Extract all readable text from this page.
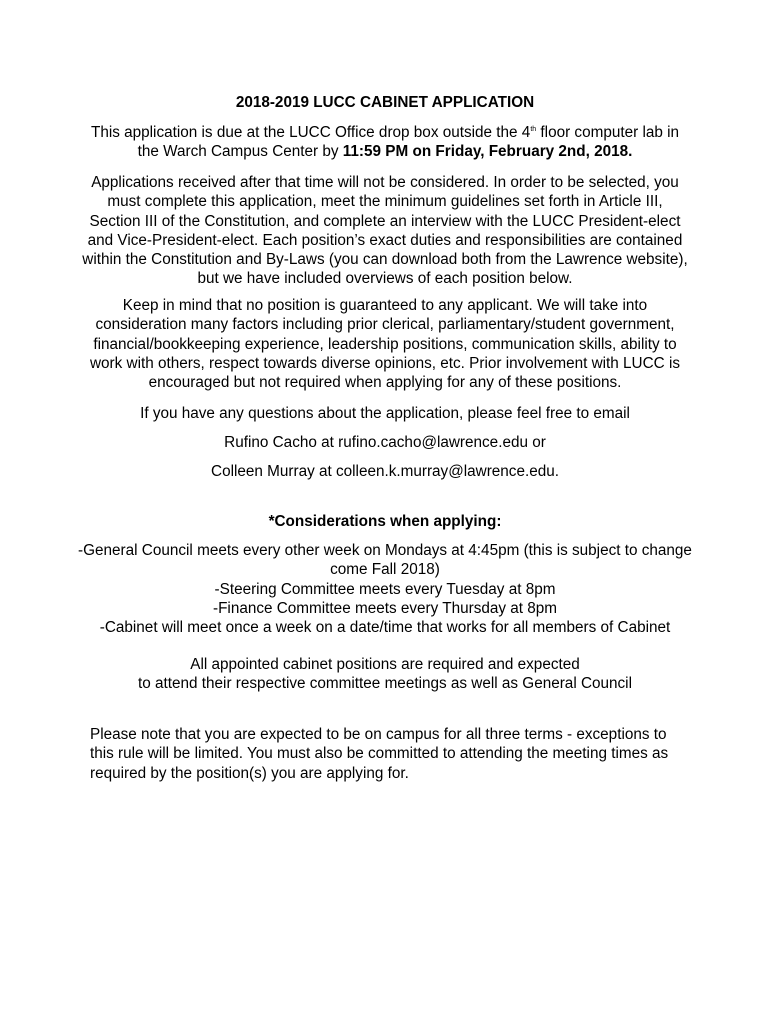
2018-2019 LUCC CABINET APPLICATION
This application is due at the LUCC Office drop box outside the 4th floor computer lab in the Warch Campus Center by 11:59 PM on Friday, February 2nd, 2018.
Applications received after that time will not be considered. In order to be selected, you must complete this application, meet the minimum guidelines set forth in Article III, Section III of the Constitution, and complete an interview with the LUCC President-elect and Vice-President-elect. Each position’s exact duties and responsibilities are contained within the Constitution and By-Laws (you can download both from the Lawrence website), but we have included overviews of each position below.
Keep in mind that no position is guaranteed to any applicant. We will take into consideration many factors including prior clerical, parliamentary/student government, financial/bookkeeping experience, leadership positions, communication skills, ability to work with others, respect towards diverse opinions, etc. Prior involvement with LUCC is encouraged but not required when applying for any of these positions.
If you have any questions about the application, please feel free to email
Rufino Cacho at rufino.cacho@lawrence.edu or
Colleen Murray at colleen.k.murray@lawrence.edu.
*Considerations when applying:
-General Council meets every other week on Mondays at 4:45pm (this is subject to change come Fall 2018)
-Steering Committee meets every Tuesday at 8pm
-Finance Committee meets every Thursday at 8pm
-Cabinet will meet once a week on a date/time that works for all members of Cabinet
All appointed cabinet positions are required and expected
to attend their respective committee meetings as well as General Council
Please note that you are expected to be on campus for all three terms - exceptions to this rule will be limited. You must also be committed to attending the meeting times as required by the position(s) you are applying for.
